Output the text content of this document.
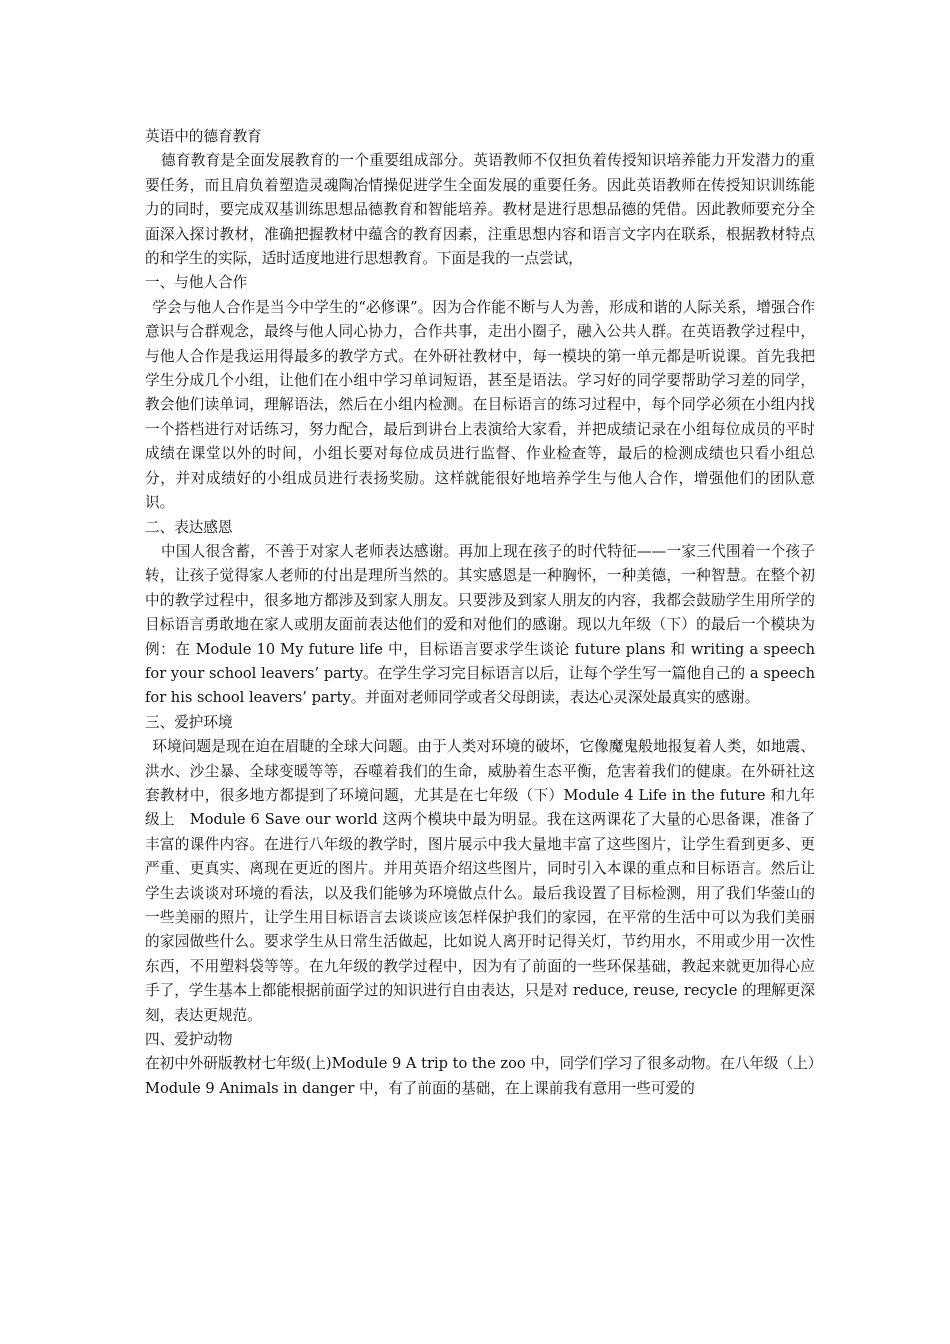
英语中的德育教育

德育教育是全面发展教育的一个重要组成部分。英语教师不仅担负着传授知识培养能力开发潜力的重要任务，而且肩负着塑造灵魂陶冶情操促进学生全面发展的重要任务。因此英语教师在传授知识训练能力的同时，要完成双基训练思想品德教育和智能培养。教材是进行思想品德的凭借。因此教师要充分全面深入探讨教材，准确把握教材中蕴含的教育因素，注重思想内容和语言文字内在联系，根据教材特点的和学生的实际，适时适度地进行思想教育。下面是我的一点尝试，

一、与他人合作

学会与他人合作是当今中学生的“必修课”。因为合作能不断与人为善，形成和谐的人际关系，增强合作意识与合群观念，最终与他人同心协力，合作共事，走出小圈子，融入公共人群。在英语教学过程中，与他人合作是我运用得最多的教学方式。在外研社教材中，每一模块的第一单元都是听说课。首先我把学生分成几个小组，让他们在小组中学习单词短语，甚至是语法。学习好的同学要帮助学习差的同学，教会他们读单词，理解语法，然后在小组内检测。在目标语言的练习过程中，每个同学必须在小组内找一个搭档进行对话练习，努力配合，最后到讲台上表演给大家看，并把成绩记录在小组每位成员的平时成绩在课堂以外的时间，小组长要对每位成员进行监督、作业检查等，最后的检测成绩也只看小组总分，并对成绩好的小组成员进行表扬奖励。这样就能很好地培养学生与他人合作，增强他们的团队意识。

二、表达感恩

中国人很含蓄，不善于对家人老师表达感谢。再加上现在孩子的时代特征——一家三代围着一个孩子转，让孩子觉得家人老师的付出是理所当然的。其实感恩是一种胸怀，一种美德，一种智慧。在整个初中的教学过程中，很多地方都涉及到家人朋友。只要涉及到家人朋友的内容，我都会鼓励学生用所学的目标语言勇敢地在家人或朋友面前表达他们的爱和对他们的感谢。现以九年级（下）的最后一个模块为例：在 Module 10 My future life 中，目标语言要求学生谈论 future plans 和 writing a speech for your school leavers’ party。在学生学习完目标语言以后，让每个学生写一篇他自己的 a speech for his school leavers’ party。并面对老师同学或者父母朗读，表达心灵深处最真实的感谢。

三、爱护环境

环境问题是现在迫在眉睫的全球大问题。由于人类对环境的破坏，它像魔鬼般地报复着人类，如地震、洪水、沙尘暴、全球变暖等等，吞噬着我们的生命，威胁着生态平衡，危害着我们的健康。在外研社这套教材中，很多地方都提到了环境问题，尤其是在七年级（下）Module 4 Life in the future 和九年级上　Module 6 Save our world 这两个模块中最为明显。我在这两课花了大量的心思备课，准备了丰富的课件内容。在进行八年级的教学时，图片展示中我大量地丰富了这些图片，让学生看到更多、更严重、更真实、离现在更近的图片。并用英语介绍这些图片，同时引入本课的重点和目标语言。然后让学生去谈谈对环境的看法，以及我们能够为环境做点什么。最后我设置了目标检测，用了我们华蓥山的一些美丽的照片，让学生用目标语言去谈谈应该怎样保护我们的家园，在平常的生活中可以为我们美丽的家园做些什么。要求学生从日常生活做起，比如说人离开时记得关灯，节约用水，不用或少用一次性东西，不用塑料袋等等。在九年级的教学过程中，因为有了前面的一些环保基础，教起来就更加得心应手了，学生基本上都能根据前面学过的知识进行自由表达，只是对 reduce, reuse, recycle 的理解更深刻，表达更规范。

四、爱护动物

在初中外研版教材七年级(上)Module 9 A trip to the zoo 中，同学们学习了很多动物。在八年级（上）Module 9 Animals in danger 中，有了前面的基础，在上课前我有意用一些可爱的
